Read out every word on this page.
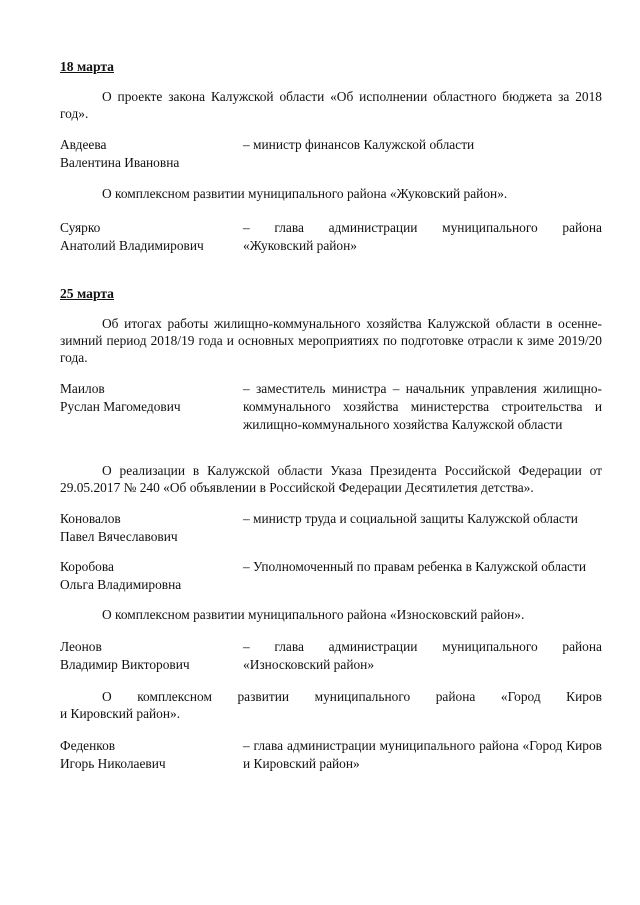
18 марта
О проекте закона Калужской области «Об исполнении областного бюджета за 2018 год».
Авдеева
Валентина Ивановна
– министр финансов Калужской области
О комплексном развитии муниципального района «Жуковский район».
Суярко
Анатолий Владимирович
– глава администрации муниципального района
«Жуковский район»
25 марта
Об итогах работы жилищно-коммунального хозяйства Калужской области в осенне-зимний период 2018/19 года и основных мероприятиях по подготовке отрасли к зиме 2019/20 года.
Маилов
Руслан Магомедович
– заместитель министра – начальник управления жилищно-коммунального хозяйства министерства строительства и жилищно-коммунального хозяйства Калужской области
О реализации в Калужской области Указа Президента Российской Федерации от 29.05.2017 № 240 «Об объявлении в Российской Федерации Десятилетия детства».
Коновалов
Павел Вячеславович
– министр труда и социальной защиты Калужской области
Коробова
Ольга Владимировна
– Уполномоченный по правам ребенка в Калужской области
О комплексном развитии муниципального района «Износковский район».
Леонов
Владимир Викторович
– глава администрации муниципального района
«Износковский район»
О комплексном развитии муниципального района «Город Киров
и Кировский район».
Феденков
Игорь Николаевич
– глава администрации муниципального района «Город Киров и Кировский район»
